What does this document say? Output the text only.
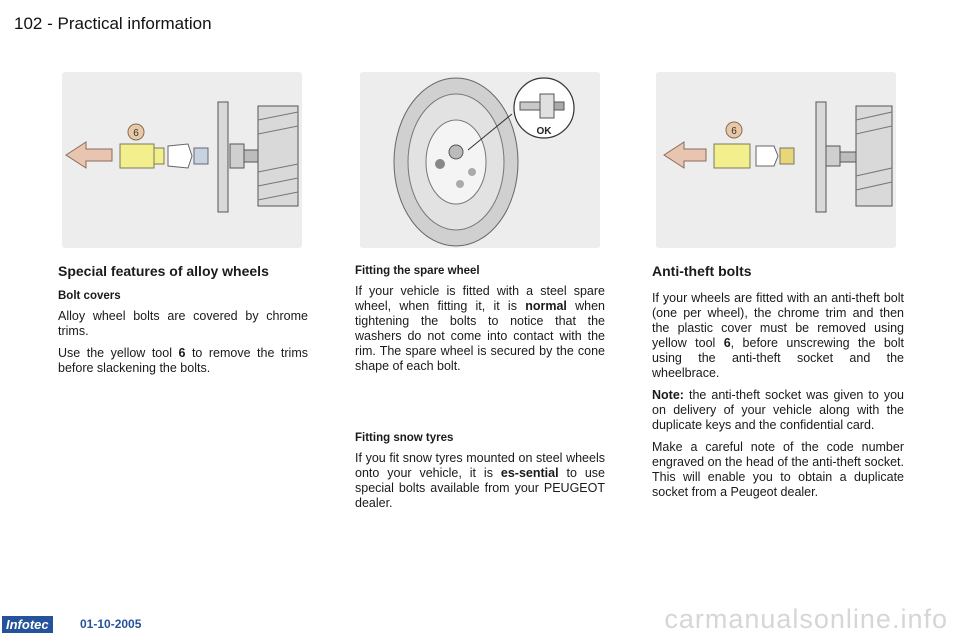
102 - Practical information
6	OK	6
Special features of alloy wheels
Bolt covers

Alloy wheel bolts are covered by chrome trims.

Use the yellow tool 6 to remove the trims before slackening the bolts.

Fitting the spare wheel

If your vehicle is fitted with a steel spare wheel, when fitting it, it is normal when tightening the bolts to notice that the washers do not come into contact with the rim. The spare wheel is secured by the cone shape of each bolt.

Fitting snow tyres

If you fit snow tyres mounted on steel wheels onto your vehicle, it is es-sential to use special bolts available from your PEUGEOT dealer.

Anti-theft bolts

If your wheels are fitted with an anti-theft bolt (one per wheel), the chrome trim and then the plastic cover must be removed using yellow tool 6, before unscrewing the bolt using the anti-theft socket and the wheelbrace.

Note: the anti-theft socket was given to you on delivery of your vehicle along with the duplicate keys and the confidential card.

Make a careful note of the code number engraved on the head of the anti-theft socket. This will enable you to obtain a duplicate socket from a Peugeot dealer.

Infotec	01-10-2005	carmanualsonline.info
